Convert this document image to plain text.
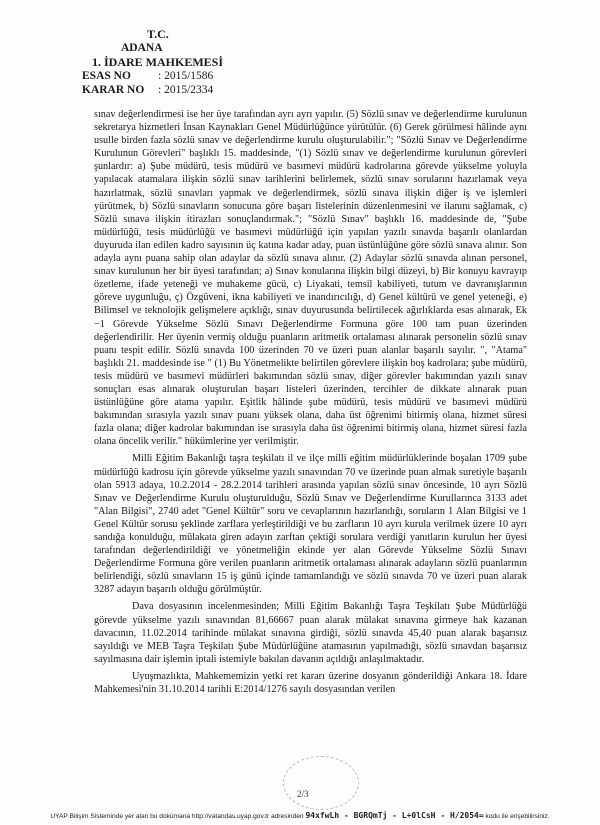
T.C.
ADANA
1. İDARE MAHKEMESİ
ESAS NO : 2015/1586
KARAR NO : 2015/2334

sınav değerlendirmesi ise her üye tarafından ayrı ayrı yapılır. (5) Sözlü sınav ve değerlendirme kurulunun sekretarya hizmetleri İnsan Kaynakları Genel Müdürlüğünce yürütülür. (6) Gerek görülmesi hâlinde aynı usulle birden fazla sözlü sınav ve değerlendirme kurulu oluşturulabilir."; "Sözlü Sınav ve Değerlendirme Kurulunun Görevleri" başlıklı 15. maddesinde, "(1) Sözlü sınav ve değerlendirme kurulunun görevleri şunlardır: a) Şube müdürü, tesis müdürü ve basımevi müdürü kadrolarına görevde yükselme yoluyla yapılacak atamalara ilişkin sözlü sınav tarihlerini belirlemek, sözlü sınav sorularını hazırlamak veya hazırlatmak, sözlü sınavları yapmak ve değerlendirmek, sözlü sınava ilişkin diğer iş ve işlemleri yürütmek, b) Sözlü sınavların sonucuna göre başarı listelerinin düzenlenmesini ve ilanını sağlamak, c) Sözlü sınava ilişkin itirazları sonuçlandırmak."; "Sözlü Sınav" başlıklı 16. maddesinde de, "Şube müdürlüğü, tesis müdürlüğü ve basımevi müdürlüğü için yapılan yazılı sınavda başarılı olanlardan duyuruda ilan edilen kadro sayısının üç katına kadar aday, puan üstünlüğüne göre sözlü sınava alınır. Son adayla aynı puana sahip olan adaylar da sözlü sınava alınır. (2) Adaylar sözlü sınavda alınan personel, sınav kurulunun her bir üyesi tarafından; a) Sınav konularına ilişkin bilgi düzeyi, b) Bir konuyu kavrayıp özetleme, ifade yeteneği ve muhakeme gücü, c) Liyakati, temsil kabiliyeti, tutum ve davranışlarının göreve uygunluğu, ç) Özgüveni, ikna kabiliyeti ve inandırıcılığı, d) Genel kültürü ve genel yeteneği, e) Bilimsel ve teknolojik gelişmelere açıklığı, sınav duyurusunda belirtilecek ağırlıklarda esas alınarak, Ek −1 Görevde Yükselme Sözlü Sınavı Değerlendirme Formuna göre 100 tam puan üzerinden değerlendirilir. Her üyenin vermiş olduğu puanların aritmetik ortalaması alınarak personelin sözlü sınav puanı tespit edilir. Sözlü sınavda 100 üzerinden 70 ve üzeri puan alanlar başarılı sayılır. ", "Atama" başlıklı 21. maddesinde ise " (1) Bu Yönetmelikte belirtilen görevlere ilişkin boş kadrolara; şube müdürü, tesis müdürü ve basımevi müdürleri bakımından sözlü sınav, diğer görevler bakımından yazılı sınav sonuçları esas alınarak oluşturulan başarı listeleri üzerinden, tercihler de dikkate alınarak puan üstünlüğüne göre atama yapılır. Eşitlik hâlinde şube müdürü, tesis müdürü ve basımevi müdürü bakımından sırasıyla yazılı sınav puanı yüksek olana, daha üst öğrenimi bitirmiş olana, hizmet süresi fazla olana; diğer kadrolar bakımından ise sırasıyla daha üst öğrenimi bitirmiş olana, hizmet süresi fazla olana öncelik verilir." hükümlerine yer verilmiştir.

Milli Eğitim Bakanlığı taşra teşkilatı il ve ilçe milli eğitim müdürlüklerinde boşalan 1709 şube müdürlüğü kadrosu için görevde yükselme yazılı sınavından 70 ve üzerinde puan almak suretiyle başarılı olan 5913 adaya, 10.2.2014 - 28.2.2014 tarihleri arasında yapılan sözlü sınav öncesinde, 10 ayrı Sözlü Sınav ve Değerlendirme Kurulu oluşturulduğu, Sözlü Sınav ve Değerlendirme Kurullarınca 3133 adet "Alan Bilgisi", 2740 adet "Genel Kültür" soru ve cevaplarının hazırlandığı, soruların 1 Alan Bilgisi ve 1 Genel Kültür sorusu şeklinde zarflara yerleştirildiği ve bu zarfların 10 ayrı kurula verilmek üzere 10 ayrı sandığa konulduğu, mülakata giren adayın zarftan çektiği sorulara verdiği yanıtların kurulun her üyesi tarafından değerlendirildiği ve yönetmeliğin ekinde yer alan Görevde Yükselme Sözlü Sınavı Değerlendirme Formuna göre verilen puanların aritmetik ortalaması alınarak adayların sözlü puanlarının belirlendiği, sözlü sınavların 15 iş günü içinde tamamlandığı ve sözlü sınavda 70 ve üzeri puan alarak 3287 adayın başarılı olduğu görülmüştür.

Dava dosyasının incelenmesinden; Milli Eğitim Bakanlığı Taşra Teşkilatı Şube Müdürlüğü görevde yükselme yazılı sınavından 81,66667 puan alarak mülakat sınavına girmeye hak kazanan davacının, 11.02.2014 tarihinde mülakat sınavına girdiği, sözlü sınavda 45,40 puan alarak başarısız sayıldığı ve MEB Taşra Teşkilatı Şube Müdürlüğüne atamasının yapılmadığı, sözlü sınavdan başarısız sayılmasına dair işlemin iptali istemiyle bakılan davanın açıldığı anlaşılmaktadır.

Uyuşmazlıkta, Mahkememizin yetki ret kararı üzerine dosyanın gönderildiği Ankara 18. İdare Mahkemesi'nin 31.10.2014 tarihli E:2014/1276 sayılı dosyasından verilen

2/3
UYAP Bilişim Sisteminde yer alan bu dokümana http://vatandas.uyap.gov.tr adresinden 94xfwLh - BGRQmTj - L+0lCsH - H/2054= kodu ile erişebilirsiniz.
